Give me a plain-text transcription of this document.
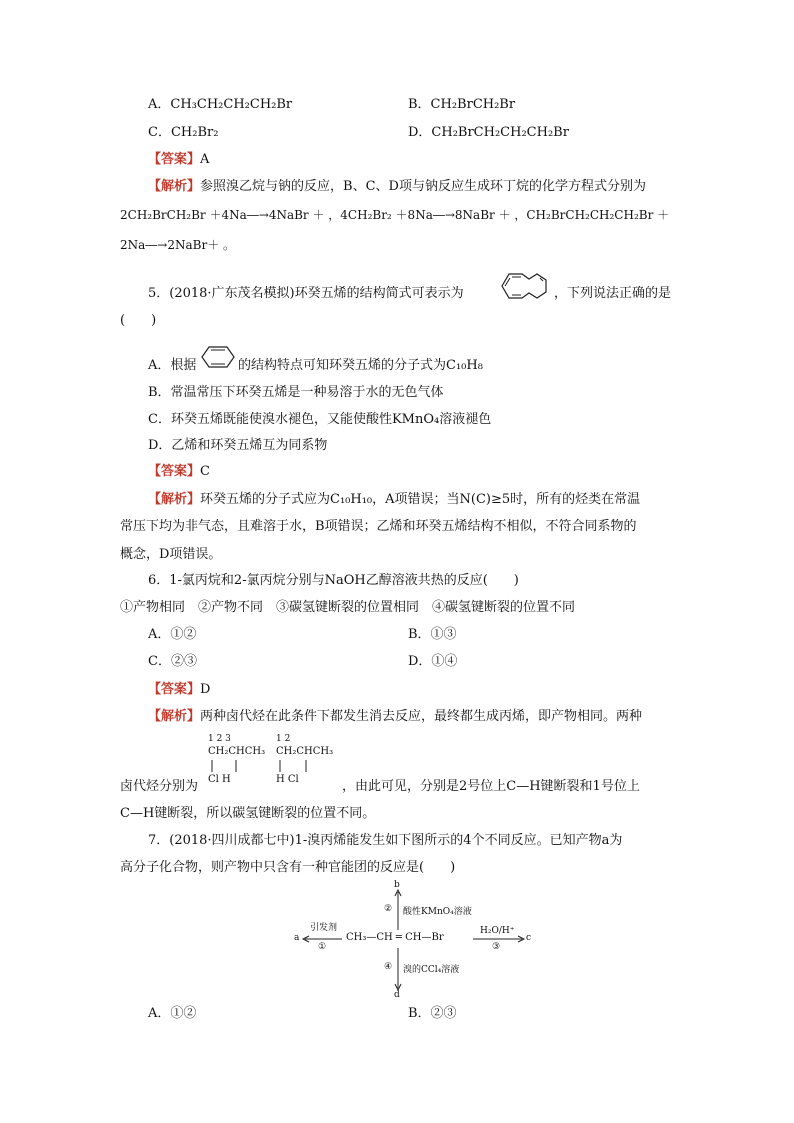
A．CH₃CH₂CH₂CH₂Br	B．CH₂BrCH₂Br
C．CH₂Br₂	D．CH₂BrCH₂CH₂CH₂Br
【答案】A
【解析】参照溴乙烷与钠的反应，B、C、D项与钠反应生成环丁烷的化学方程式分别为
2CH₂BrCH₂Br ＋4Na―→4NaBr ＋ ，4CH₂Br₂ ＋8Na―→8NaBr ＋ ，CH₂BrCH₂CH₂CH₂Br ＋
2Na―→2NaBr＋ 。
5．(2018·广东茂名模拟)环癸五烯的结构简式可表示为	，下列说法正确的是
(　　)
A．根据	的结构特点可知环癸五烯的分子式为C₁₀H₈
B．常温常压下环癸五烯是一种易溶于水的无色气体
C．环癸五烯既能使溴水褪色，又能使酸性KMnO₄溶液褪色
D．乙烯和环癸五烯互为同系物
【答案】C
【解析】环癸五烯的分子式应为C₁₀H₁₀，A项错误；当N(C)≥5时，所有的烃类在常温
常压下均为非气态，且难溶于水，B项错误；乙烯和环癸五烯结构不相似，不符合同系物的
概念，D项错误。
6．1-氯丙烷和2-氯丙烷分别与NaOH乙醇溶液共热的反应(　　)
①产物相同　②产物不同　③碳氢键断裂的位置相同　④碳氢键断裂的位置不同
A．①②	B．①③
C．②③	D．①④
【答案】D
【解析】两种卤代烃在此条件下都发生消去反应，最终都生成丙烯，即产物相同。两种
1 2 3
CH₂CHCH₃
Cl H
1 2
CH₂CHCH₃
H Cl
卤代烃分别为	，由此可见，分别是2号位上C—H键断裂和1号位上
C—H键断裂，所以碳氢键断裂的位置不同。
7．(2018·四川成都七中)1-溴丙烯能发生如下图所示的4个不同反应。已知产物a为
高分子化合物，则产物中只含有一种官能团的反应是(　　)
b
d
a	c
CH₃—CH ═ CH—Br
引发剂
①
酸性KMnO₄溶液
②
H₂O/H⁺
③
溴的CCl₄溶液
④
A．①②	B．②③
